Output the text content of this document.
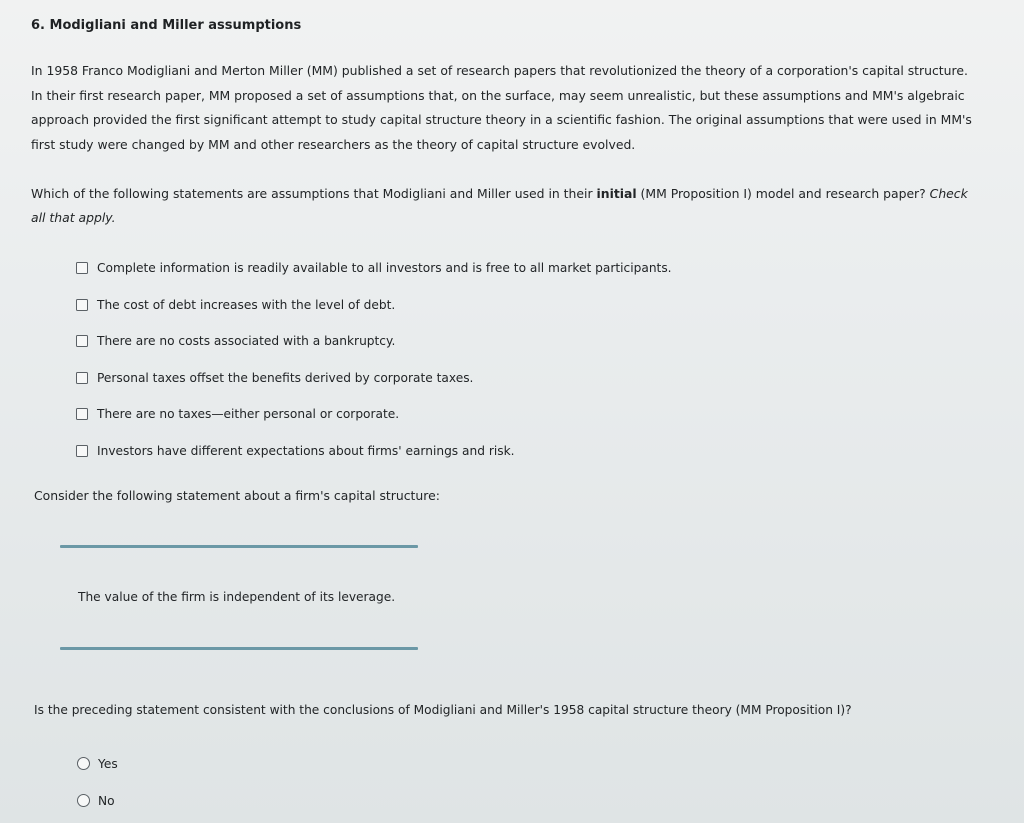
6. Modigliani and Miller assumptions
In 1958 Franco Modigliani and Merton Miller (MM) published a set of research papers that revolutionized the theory of a corporation's capital structure.
In their first research paper, MM proposed a set of assumptions that, on the surface, may seem unrealistic, but these assumptions and MM's algebraic
approach provided the first significant attempt to study capital structure theory in a scientific fashion. The original assumptions that were used in MM's
first study were changed by MM and other researchers as the theory of capital structure evolved.
Which of the following statements are assumptions that Modigliani and Miller used in their initial (MM Proposition I) model and research paper? Check
all that apply.
Complete information is readily available to all investors and is free to all market participants.
The cost of debt increases with the level of debt.
There are no costs associated with a bankruptcy.
Personal taxes offset the benefits derived by corporate taxes.
There are no taxes—either personal or corporate.
Investors have different expectations about firms' earnings and risk.
Consider the following statement about a firm's capital structure:
The value of the firm is independent of its leverage.
Is the preceding statement consistent with the conclusions of Modigliani and Miller's 1958 capital structure theory (MM Proposition I)?
Yes
No
